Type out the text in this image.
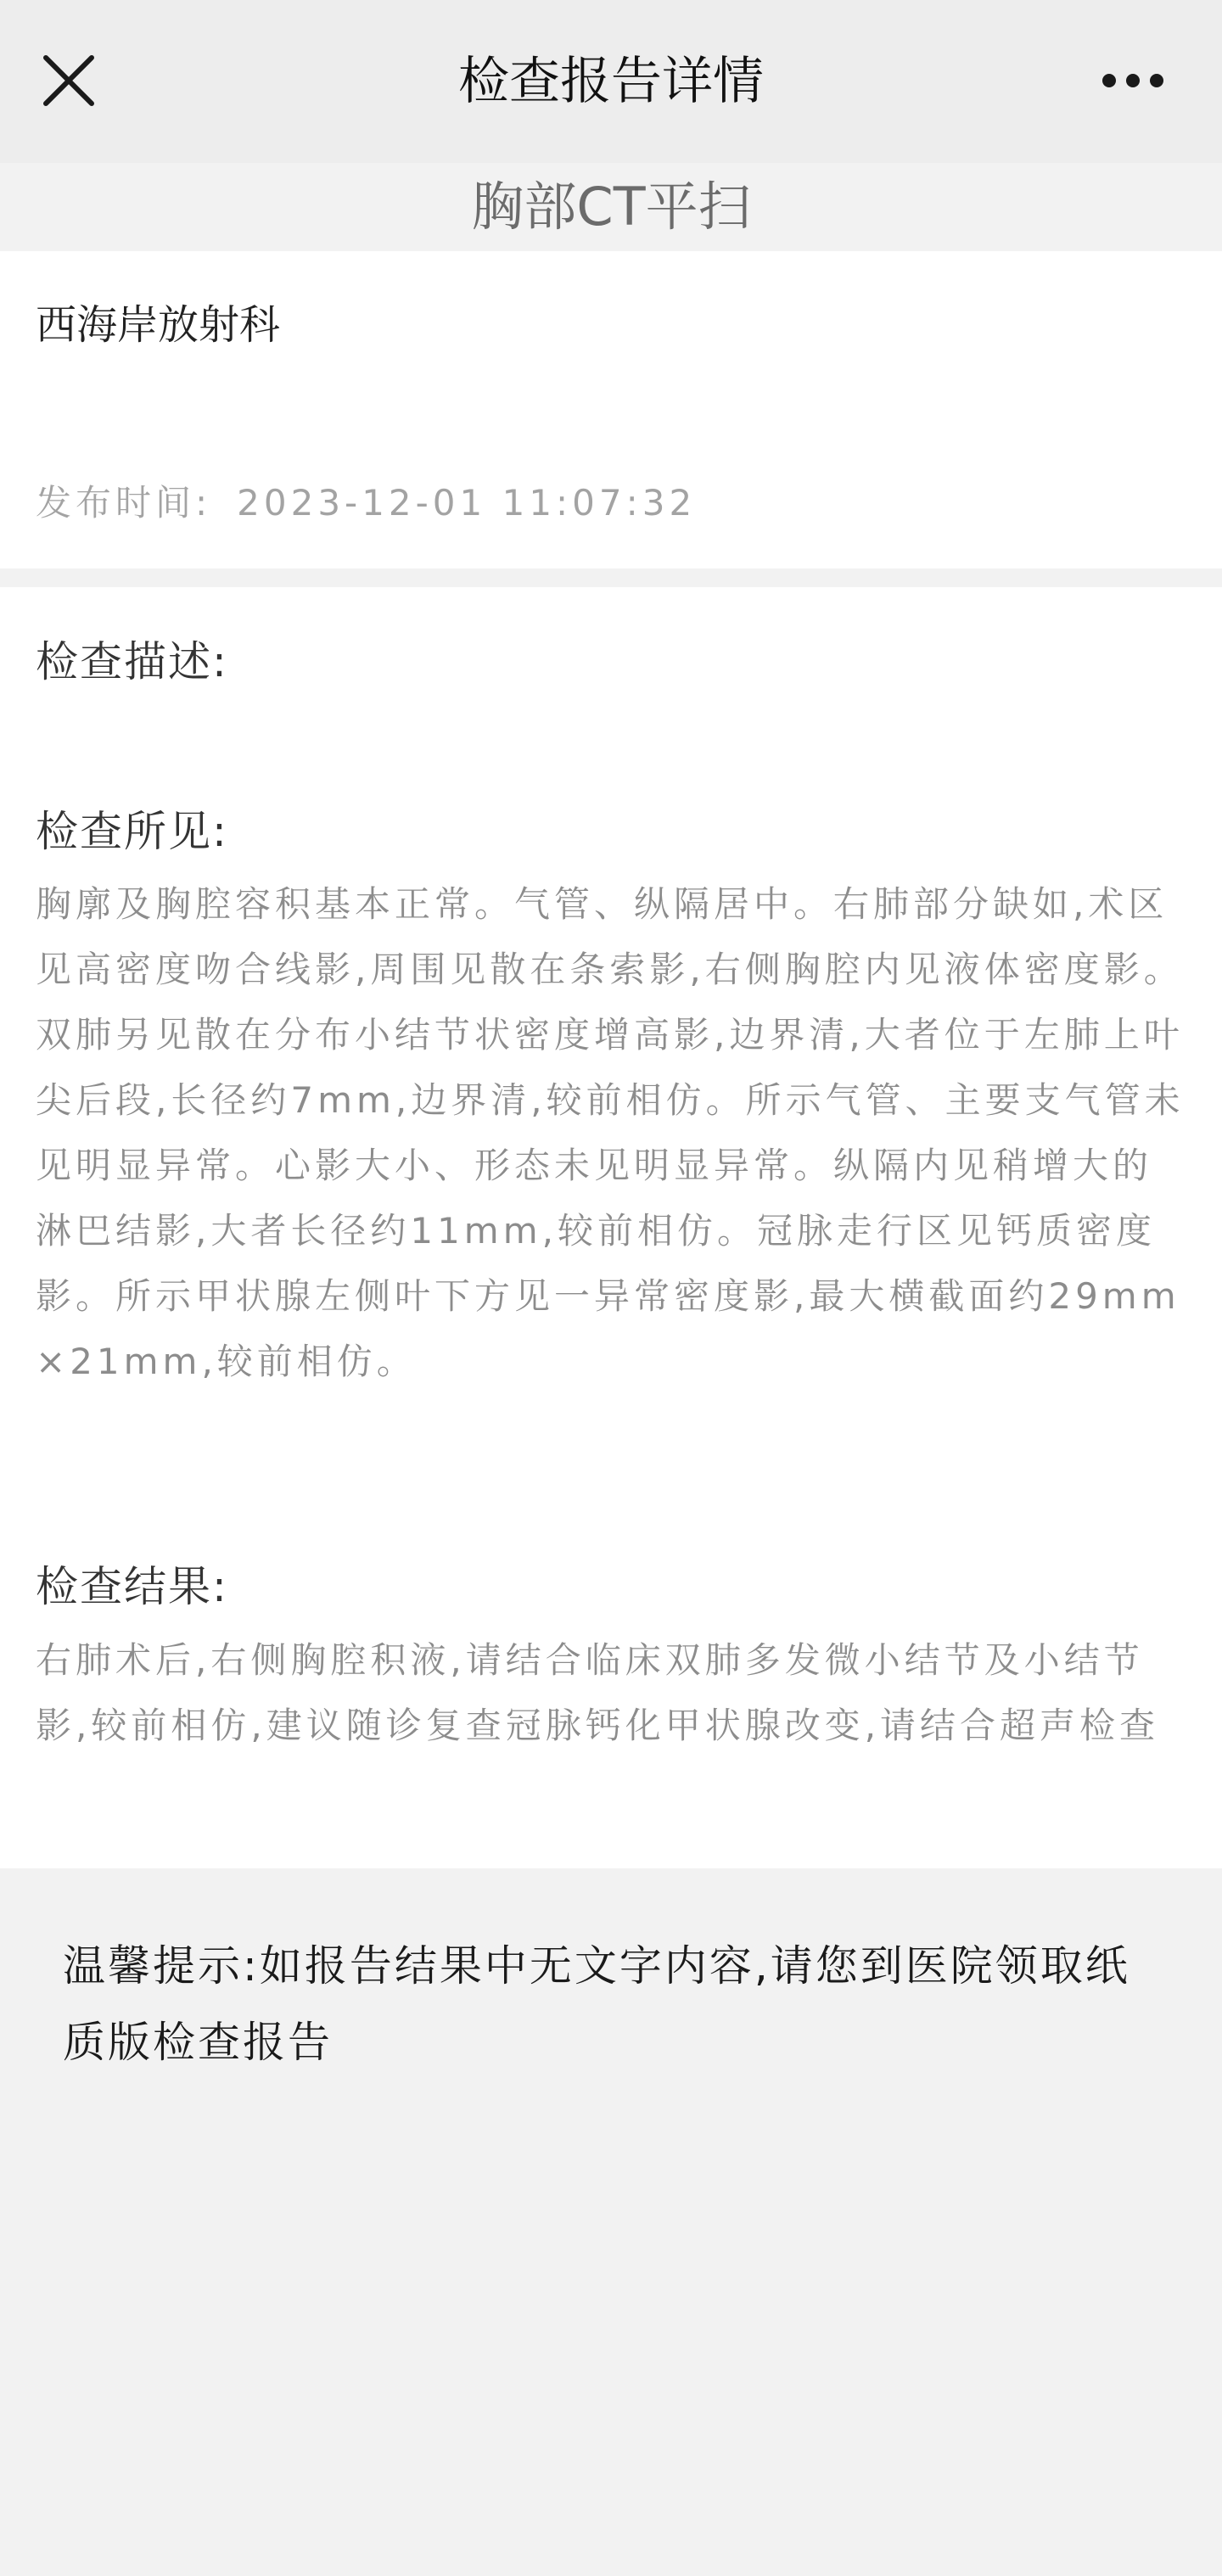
检查报告详情
胸部CT平扫
西海岸放射科
发布时间: 2023-12-01 11:07:32
检查描述:
检查所见:
胸廓及胸腔容积基本正常。气管、纵隔居中。右肺部分缺如,术区见高密度吻合线影,周围见散在条索影,右侧胸腔内见液体密度影。双肺另见散在分布小结节状密度增高影,边界清,大者位于左肺上叶尖后段,长径约7mm,边界清,较前相仿。所示气管、主要支气管未见明显异常。心影大小、形态未见明显异常。纵隔内见稍增大的淋巴结影,大者长径约11mm,较前相仿。冠脉走行区见钙质密度影。所示甲状腺左侧叶下方见一异常密度影,最大横截面约29mm×21mm,较前相仿。
检查结果:
右肺术后,右侧胸腔积液,请结合临床双肺多发微小结节及小结节影,较前相仿,建议随诊复查冠脉钙化甲状腺改变,请结合超声检查
温馨提示:如报告结果中无文字内容,请您到医院领取纸质版检查报告
